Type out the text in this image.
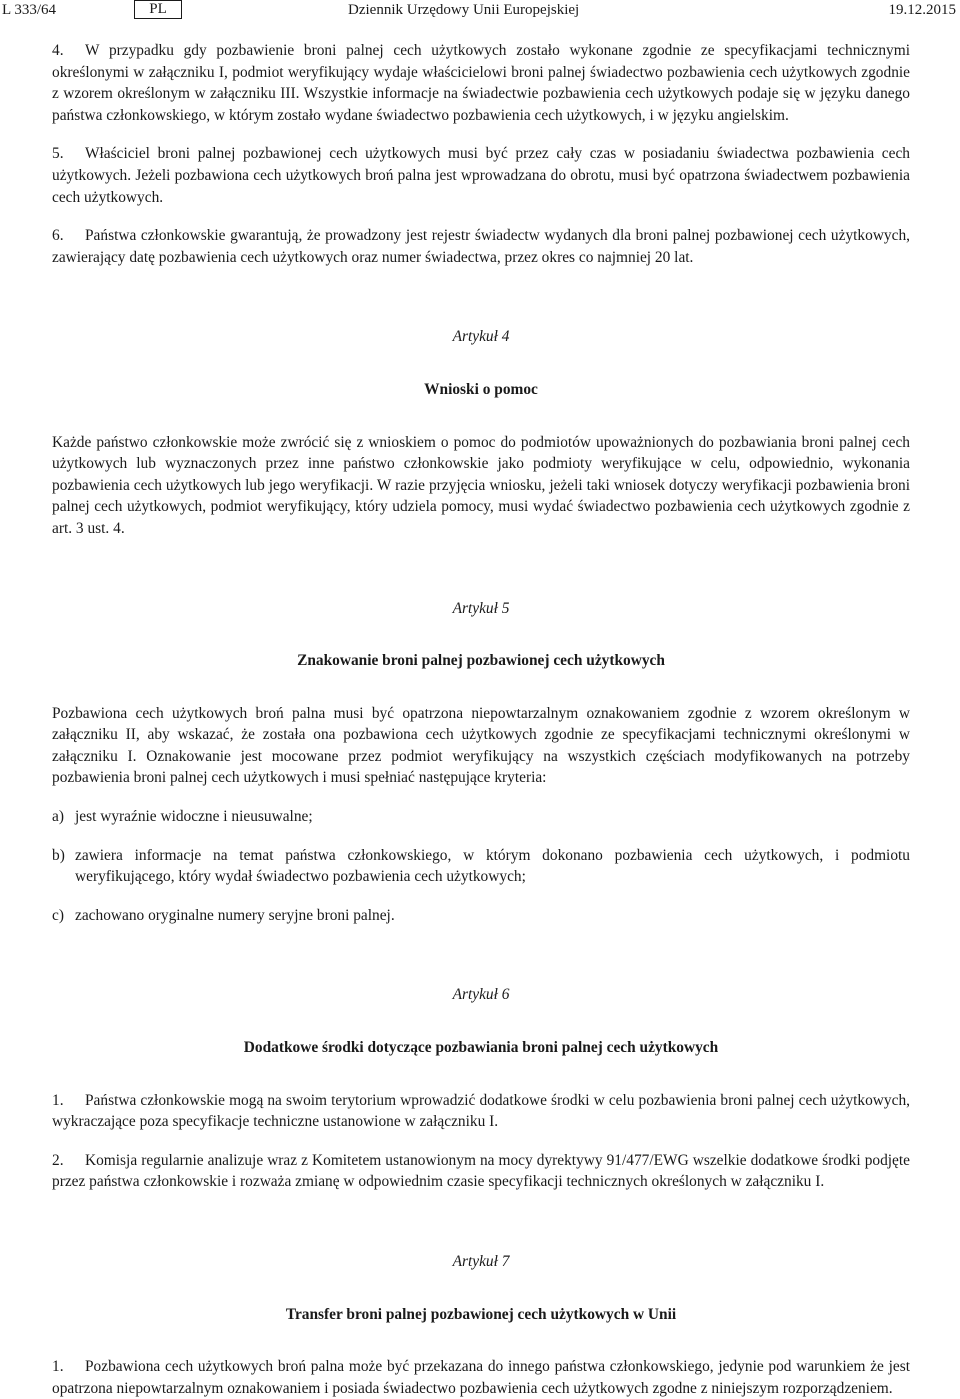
L 333/64	PL	Dziennik Urzędowy Unii Europejskiej	19.12.2015

4. W przypadku gdy pozbawienie broni palnej cech użytkowych zostało wykonane zgodnie ze specyfikacjami technicznymi określonymi w załączniku I, podmiot weryfikujący wydaje właścicielowi broni palnej świadectwo pozbawienia cech użytkowych zgodnie z wzorem określonym w załączniku III. Wszystkie informacje na świadectwie pozbawienia cech użytkowych podaje się w języku danego państwa członkowskiego, w którym zostało wydane świadectwo pozbawienia cech użytkowych, i w języku angielskim.

5. Właściciel broni palnej pozbawionej cech użytkowych musi być przez cały czas w posiadaniu świadectwa pozbawienia cech użytkowych. Jeżeli pozbawiona cech użytkowych broń palna jest wprowadzana do obrotu, musi być opatrzona świadectwem pozbawienia cech użytkowych.

6. Państwa członkowskie gwarantują, że prowadzony jest rejestr świadectw wydanych dla broni palnej pozbawionej cech użytkowych, zawierający datę pozbawienia cech użytkowych oraz numer świadectwa, przez okres co najmniej 20 lat.

Artykuł 4

Wnioski o pomoc

Każde państwo członkowskie może zwrócić się z wnioskiem o pomoc do podmiotów upoważnionych do pozbawiania broni palnej cech użytkowych lub wyznaczonych przez inne państwo członkowskie jako podmioty weryfikujące w celu, odpowiednio, wykonania pozbawienia cech użytkowych lub jego weryfikacji. W razie przyjęcia wniosku, jeżeli taki wniosek dotyczy weryfikacji pozbawienia broni palnej cech użytkowych, podmiot weryfikujący, który udziela pomocy, musi wydać świadectwo pozbawienia cech użytkowych zgodnie z art. 3 ust. 4.

Artykuł 5

Znakowanie broni palnej pozbawionej cech użytkowych

Pozbawiona cech użytkowych broń palna musi być opatrzona niepowtarzalnym oznakowaniem zgodnie z wzorem określonym w załączniku II, aby wskazać, że została ona pozbawiona cech użytkowych zgodnie ze specyfikacjami technicznymi określonymi w załączniku I. Oznakowanie jest mocowane przez podmiot weryfikujący na wszystkich częściach modyfikowanych na potrzeby pozbawienia broni palnej cech użytkowych i musi spełniać następujące kryteria:

a) jest wyraźnie widoczne i nieusuwalne;
b) zawiera informacje na temat państwa członkowskiego, w którym dokonano pozbawienia cech użytkowych, i podmiotu weryfikującego, który wydał świadectwo pozbawienia cech użytkowych;
c) zachowano oryginalne numery seryjne broni palnej.

Artykuł 6

Dodatkowe środki dotyczące pozbawiania broni palnej cech użytkowych

1. Państwa członkowskie mogą na swoim terytorium wprowadzić dodatkowe środki w celu pozbawienia broni palnej cech użytkowych, wykraczające poza specyfikacje techniczne ustanowione w załączniku I.

2. Komisja regularnie analizuje wraz z Komitetem ustanowionym na mocy dyrektywy 91/477/EWG wszelkie dodatkowe środki podjęte przez państwa członkowskie i rozważa zmianę w odpowiednim czasie specyfikacji technicznych określonych w załączniku I.

Artykuł 7

Transfer broni palnej pozbawionej cech użytkowych w Unii

1. Pozbawiona cech użytkowych broń palna może być przekazana do innego państwa członkowskiego, jedynie pod warunkiem że jest opatrzona niepowtarzalnym oznakowaniem i posiada świadectwo pozbawienia cech użytkowych zgodne z niniejszym rozporządzeniem.
